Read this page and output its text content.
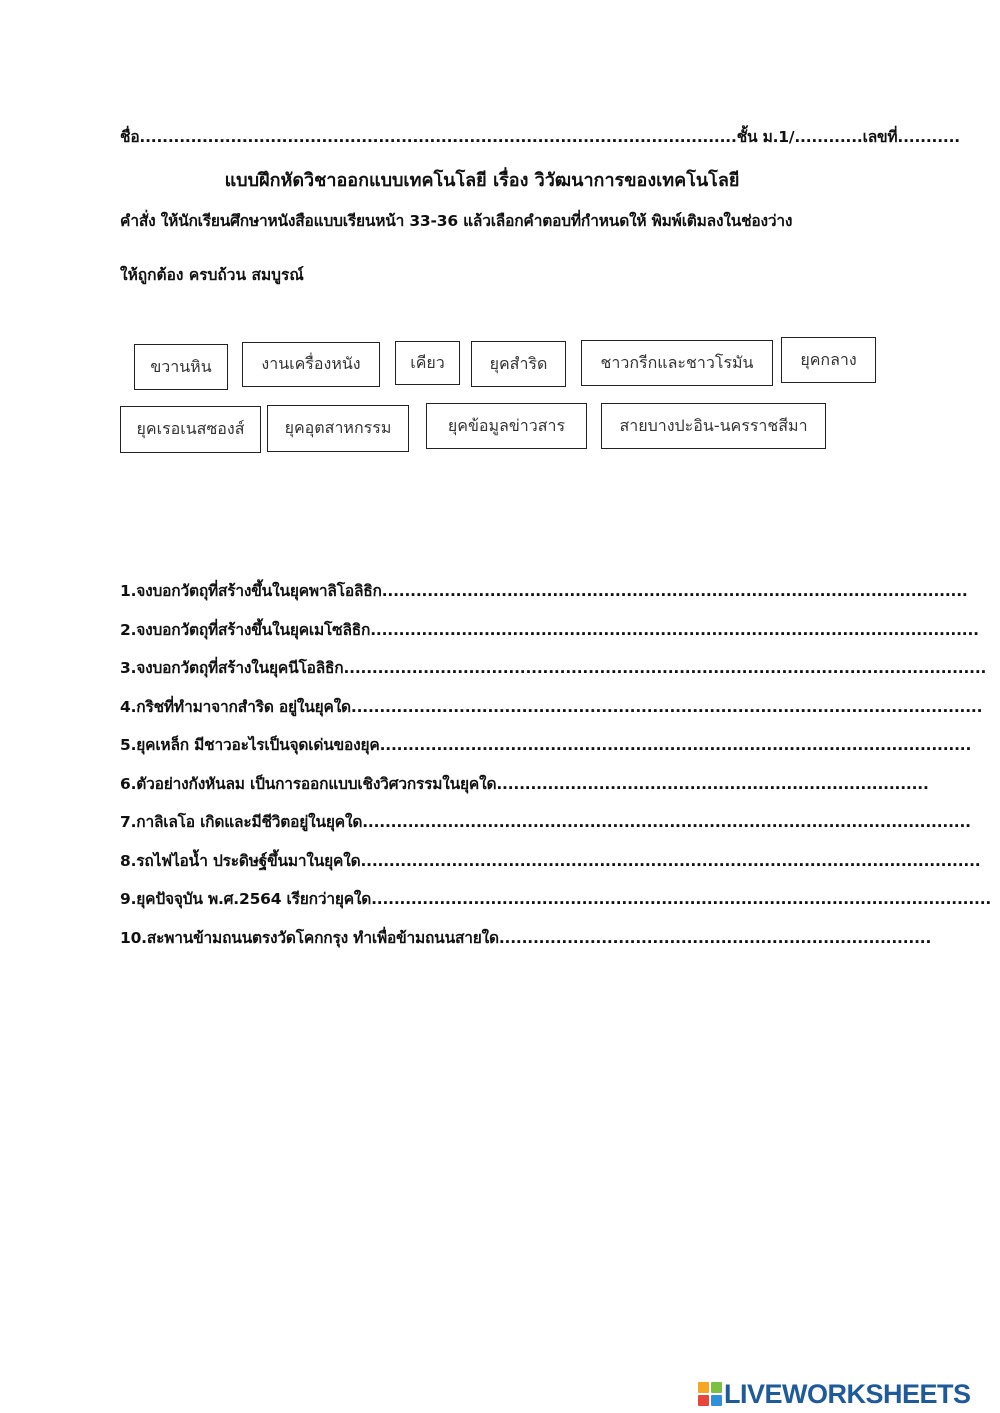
ชื่อ.........................................................................................................ชั้น ม.1/............เลขที่...........
แบบฝึกหัดวิชาออกแบบเทคโนโลยี เรื่อง วิวัฒนาการของเทคโนโลยี
คำสั่ง ให้นักเรียนศึกษาหนังสือแบบเรียนหน้า 33-36 แล้วเลือกคำตอบที่กำหนดให้ พิมพ์เติมลงในช่องว่าง
ให้ถูกต้อง ครบถ้วน สมบูรณ์
ขวานหิน	งานเครื่องหนัง	เคียว	ยุคสำริด	ชาวกรีกและชาวโรมัน	ยุคกลาง
ยุคเรอเนสซองส์	ยุคอุตสาหกรรม	ยุคข้อมูลข่าวสาร	สายบางปะอิน-นครราชสีมา
1.จงบอกวัตถุที่สร้างขึ้นในยุคพาลิโอลิธิก.......................................................................................................
2.จงบอกวัตถุที่สร้างขึ้นในยุคเมโซลิธิก...........................................................................................................
3.จงบอกวัตถุที่สร้างในยุคนีโอลิธิก.................................................................................................................
4.กริชที่ทำมาจากสำริด อยู่ในยุคใด...............................................................................................................
5.ยุคเหล็ก มีชาวอะไรเป็นจุดเด่นของยุค........................................................................................................
6.ตัวอย่างกังหันลม เป็นการออกแบบเชิงวิศวกรรมในยุคใด............................................................................
7.กาลิเลโอ เกิดและมีชีวิตอยู่ในยุคใด...........................................................................................................
8.รถไฟไอน้ำ ประดิษฐ์ขึ้นมาในยุคใด.............................................................................................................
9.ยุคปัจจุบัน พ.ศ.2564 เรียกว่ายุคใด.............................................................................................................
10.สะพานข้ามถนนตรงวัดโคกกรุง ทำเพื่อข้ามถนนสายใด............................................................................
LIVEWORKSHEETS
